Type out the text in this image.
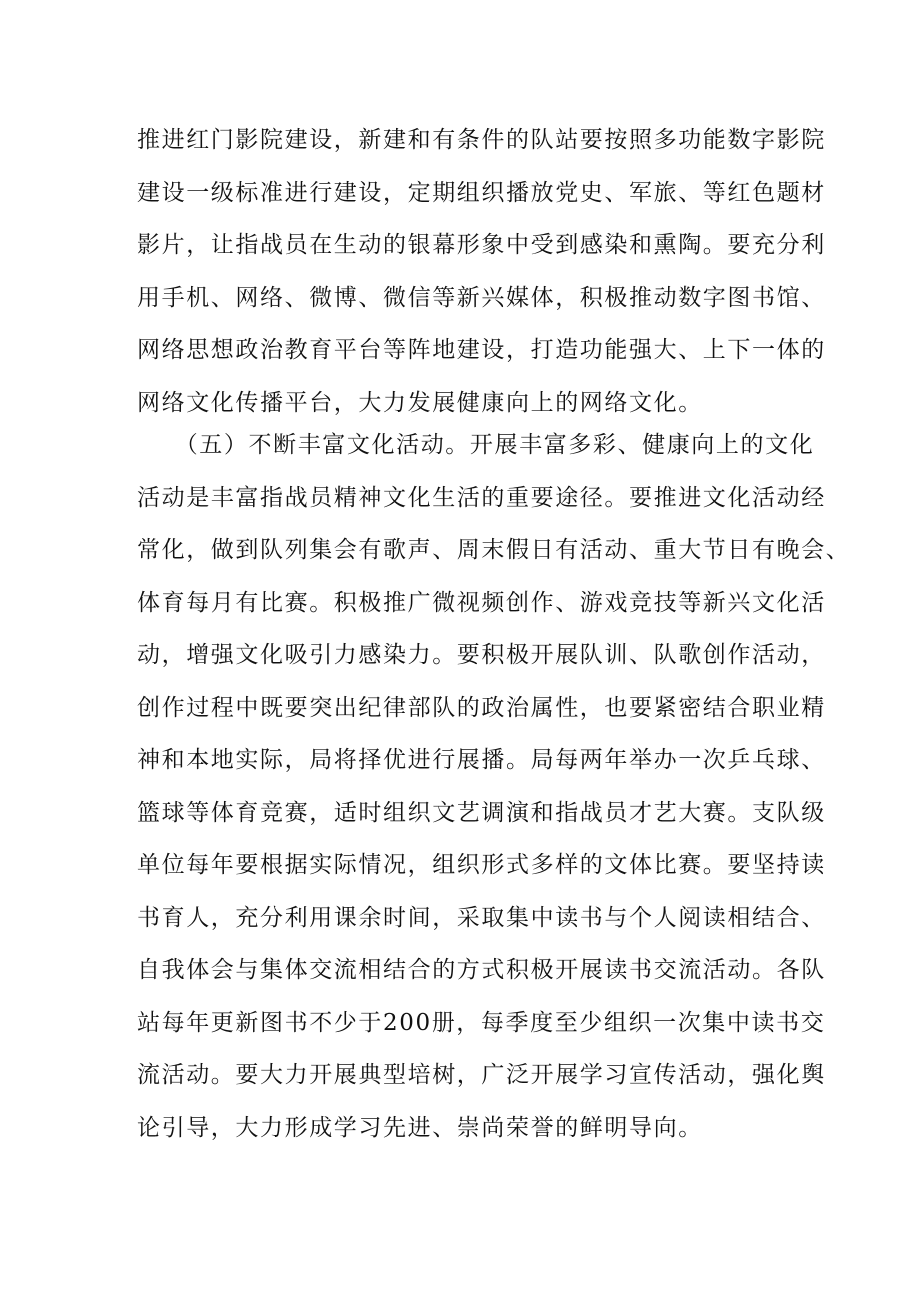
推进红门影院建设，新建和有条件的队站要按照多功能数字影院
建设一级标准进行建设，定期组织播放党史、军旅、等红色题材
影片，让指战员在生动的银幕形象中受到感染和熏陶。要充分利
用手机、网络、微博、微信等新兴媒体，积极推动数字图书馆、
网络思想政治教育平台等阵地建设，打造功能强大、上下一体的
网络文化传播平台，大力发展健康向上的网络文化。
　　（五）不断丰富文化活动。开展丰富多彩、健康向上的文化
活动是丰富指战员精神文化生活的重要途径。要推进文化活动经
常化，做到队列集会有歌声、周末假日有活动、重大节日有晚会、
体育每月有比赛。积极推广微视频创作、游戏竞技等新兴文化活
动，增强文化吸引力感染力。要积极开展队训、队歌创作活动，
创作过程中既要突出纪律部队的政治属性，也要紧密结合职业精
神和本地实际，局将择优进行展播。局每两年举办一次乒乓球、
篮球等体育竞赛，适时组织文艺调演和指战员才艺大赛。支队级
单位每年要根据实际情况，组织形式多样的文体比赛。要坚持读
书育人，充分利用课余时间，采取集中读书与个人阅读相结合、
自我体会与集体交流相结合的方式积极开展读书交流活动。各队
站每年更新图书不少于200册，每季度至少组织一次集中读书交
流活动。要大力开展典型培树，广泛开展学习宣传活动，强化舆
论引导，大力形成学习先进、崇尚荣誉的鲜明导向。
